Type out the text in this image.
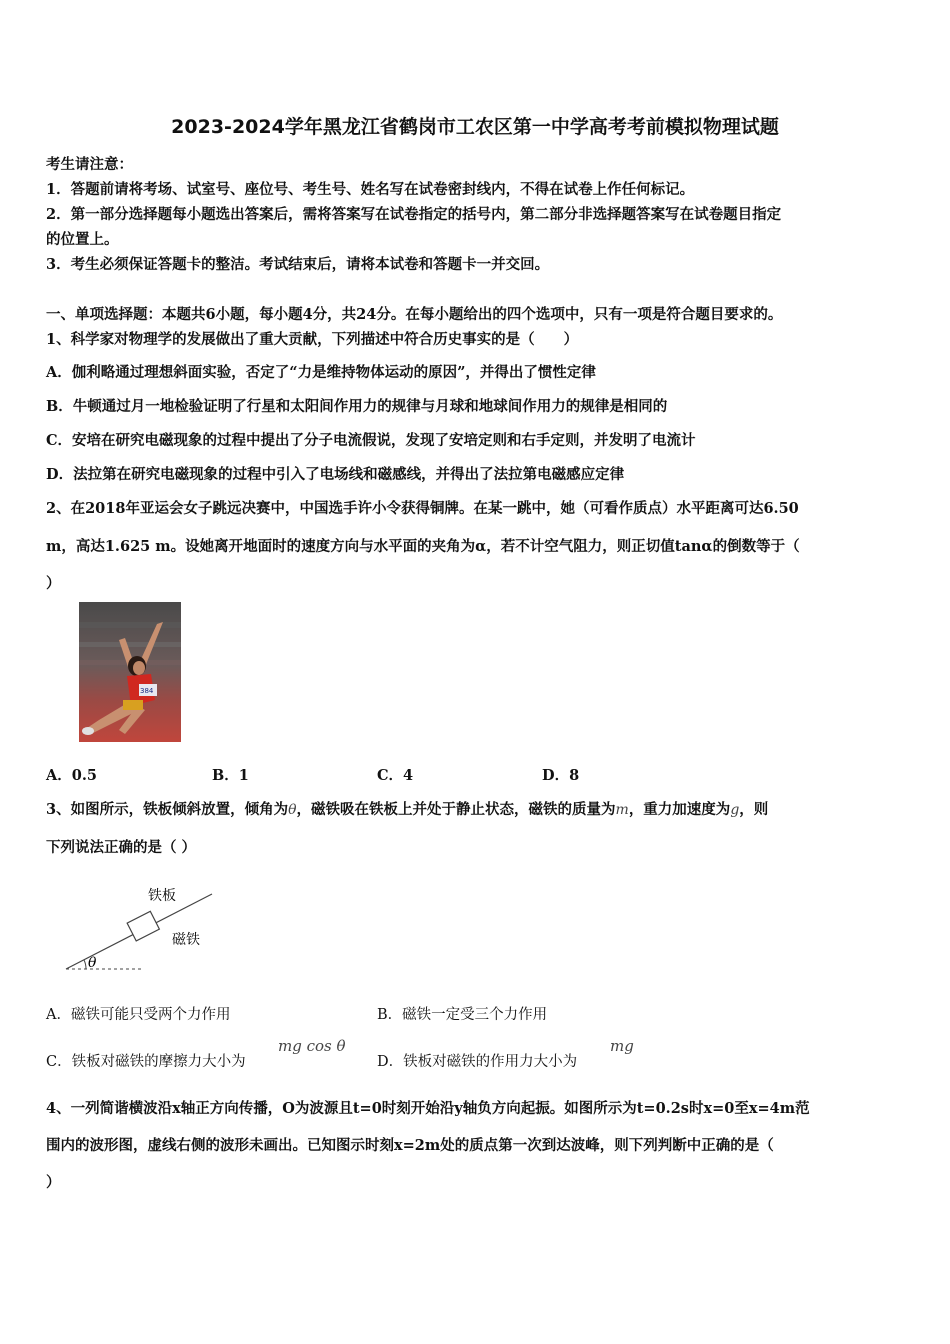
2023-2024学年黑龙江省鹤岗市工农区第一中学高考考前模拟物理试题
考生请注意：
1．答题前请将考场、试室号、座位号、考生号、姓名写在试卷密封线内，不得在试卷上作任何标记。
2．第一部分选择题每小题选出答案后，需将答案写在试卷指定的括号内，第二部分非选择题答案写在试卷题目指定
的位置上。
3．考生必须保证答题卡的整洁。考试结束后，请将本试卷和答题卡一并交回。
一、单项选择题：本题共6小题，每小题4分，共24分。在每小题给出的四个选项中，只有一项是符合题目要求的。
1、科学家对物理学的发展做出了重大贡献，下列描述中符合历史事实的是（　　）
A．伽利略通过理想斜面实验，否定了“力是维持物体运动的原因”，并得出了惯性定律
B．牛顿通过月一地检验证明了行星和太阳间作用力的规律与月球和地球间作用力的规律是相同的
C．安培在研究电磁现象的过程中提出了分子电流假说，发现了安培定则和右手定则，并发明了电流计
D．法拉第在研究电磁现象的过程中引入了电场线和磁感线，并得出了法拉第电磁感应定律
2、在2018年亚运会女子跳远决赛中，中国选手许小令获得铜牌。在某一跳中，她（可看作质点）水平距离可达6.50
m，高达1.625 m。设她离开地面时的速度方向与水平面的夹角为α，若不计空气阻力，则正切值tanα的倒数等于（
）
384
A．0.5	B．1	C．4	D．8
3、如图所示，铁板倾斜放置，倾角为θ，磁铁吸在铁板上并处于静止状态，磁铁的质量为m，重力加速度为g，则
下列说法正确的是（ ）
θ
铁板
磁铁
A．磁铁可能只受两个力作用	B．磁铁一定受三个力作用
C．铁板对磁铁的摩擦力大小为
mg cos θ
D．铁板对磁铁的作用力大小为
mg
4、一列简谐横波沿x轴正方向传播，O为波源且t=0时刻开始沿y轴负方向起振。如图所示为t=0.2s时x=0至x=4m范
围内的波形图，虚线右侧的波形未画出。已知图示时刻x=2m处的质点第一次到达波峰，则下列判断中正确的是（
）
